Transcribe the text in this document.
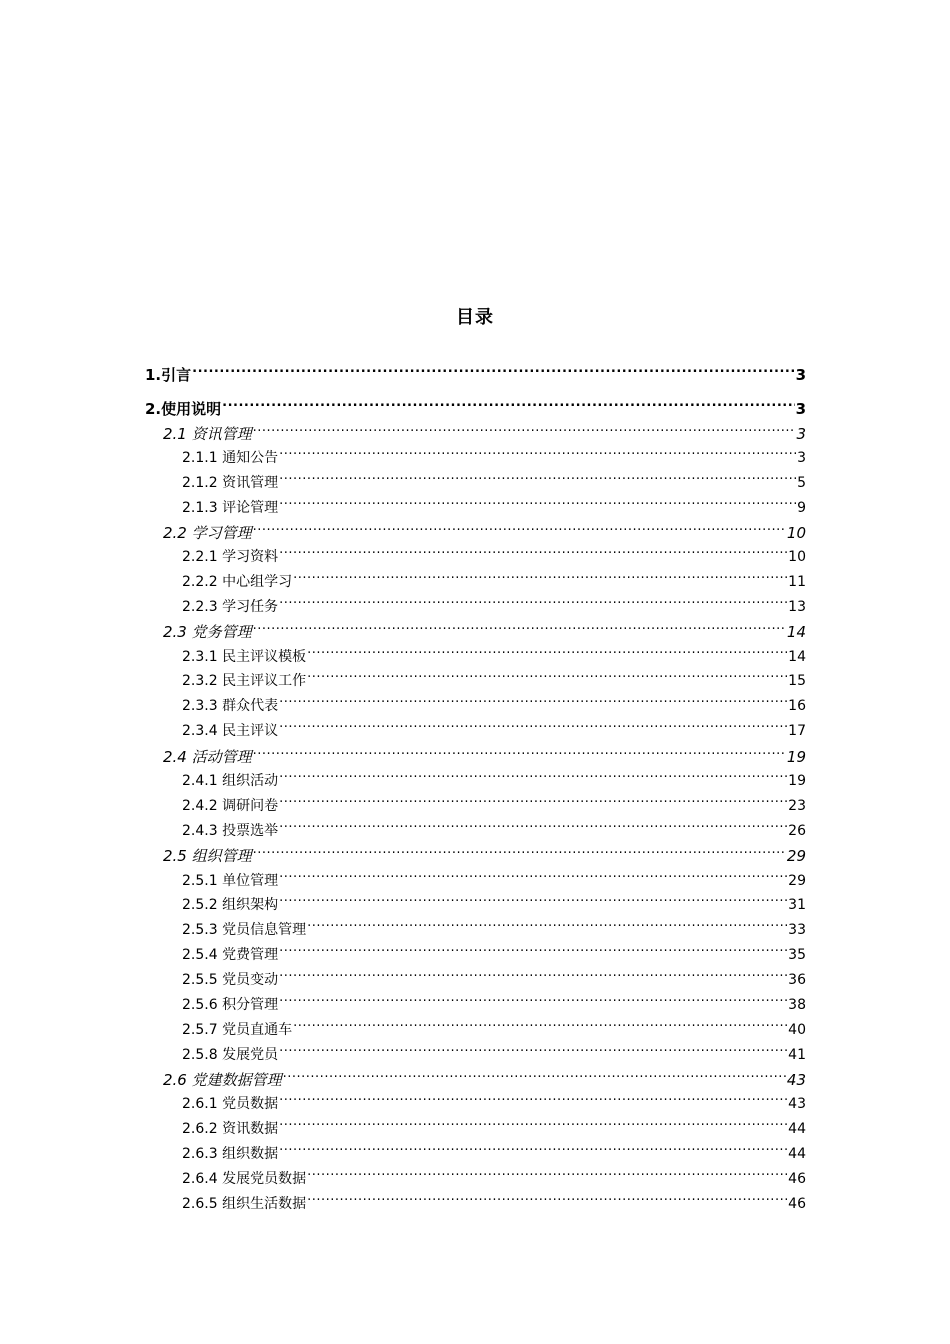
目录
1.引言 .....	3
2.使用说明 .....	3
2.1 资讯管理 .....	3
2.1.1 通知公告 .....	3
2.1.2 资讯管理 .....	5
2.1.3 评论管理 .....	9
2.2 学习管理 .....	10
2.2.1 学习资料 .....	10
2.2.2 中心组学习 .....	11
2.2.3 学习任务 .....	13
2.3 党务管理 .....	14
2.3.1 民主评议模板 .....	14
2.3.2 民主评议工作 .....	15
2.3.3 群众代表 .....	16
2.3.4 民主评议 .....	17
2.4 活动管理 .....	19
2.4.1 组织活动 .....	19
2.4.2 调研问卷 .....	23
2.4.3 投票选举 .....	26
2.5 组织管理 .....	29
2.5.1 单位管理 .....	29
2.5.2 组织架构 .....	31
2.5.3 党员信息管理 .....	33
2.5.4 党费管理 .....	35
2.5.5 党员变动 .....	36
2.5.6 积分管理 .....	38
2.5.7 党员直通车 .....	40
2.5.8 发展党员 .....	41
2.6 党建数据管理 .....	43
2.6.1 党员数据 .....	43
2.6.2 资讯数据 .....	44
2.6.3 组织数据 .....	44
2.6.4 发展党员数据 .....	46
2.6.5 组织生活数据 .....	46
